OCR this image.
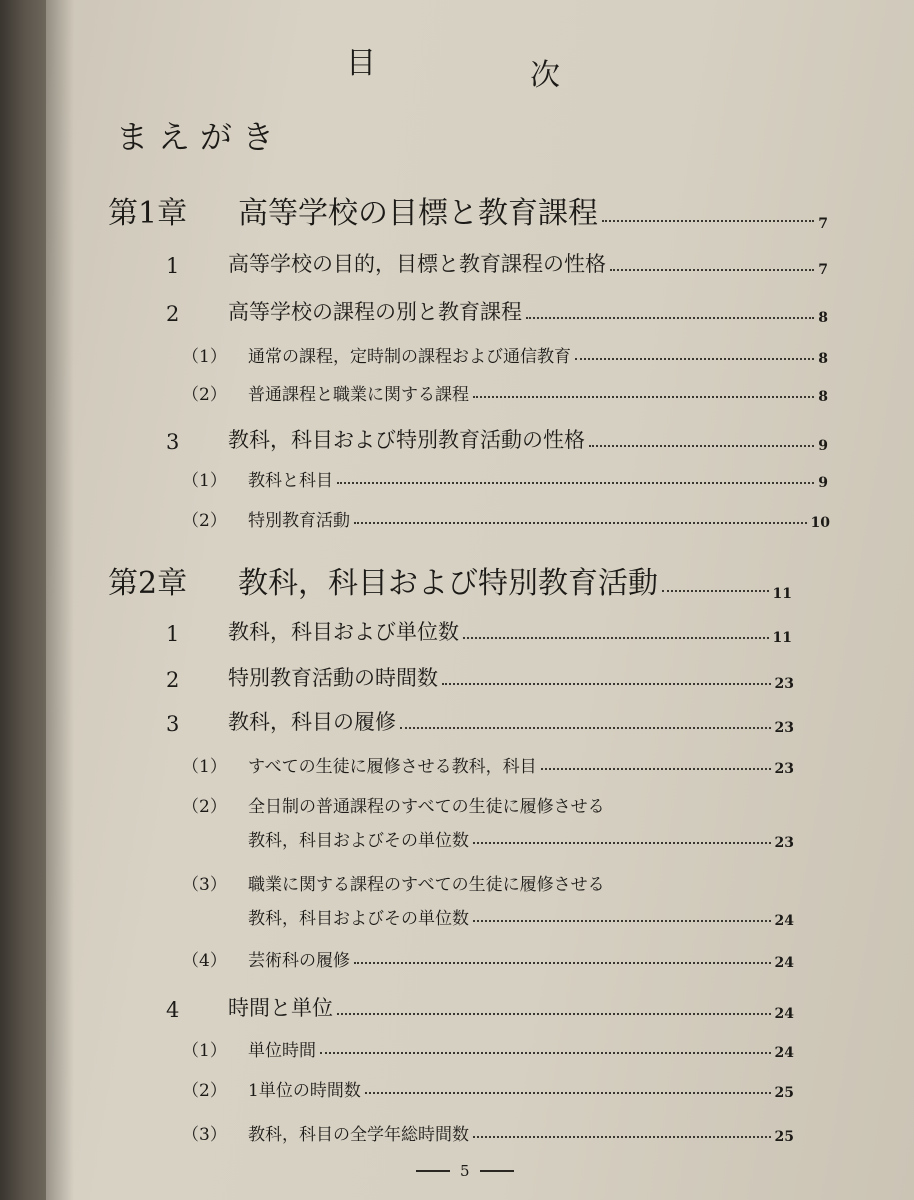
目	次
まえがき
第1章	高等学校の目標と教育課程	7
1	高等学校の目的，目標と教育課程の性格	7
2	高等学校の課程の別と教育課程	8
（1）	通常の課程，定時制の課程および通信教育	8
（2）	普通課程と職業に関する課程	8
3	教科，科目および特別教育活動の性格	9
（1）	教科と科目	9
（2）	特別教育活動	10
第2章	教科，科目および特別教育活動	11
1	教科，科目および単位数	11
2	特別教育活動の時間数	23
3	教科，科目の履修	23
（1）	すべての生徒に履修させる教科，科目	23
（2）	全日制の普通課程のすべての生徒に履修させる
教科，科目およびその単位数	23
（3）	職業に関する課程のすべての生徒に履修させる
教科，科目およびその単位数	24
（4）	芸術科の履修	24
4	時間と単位	24
（1）	単位時間	24
（2）	1単位の時間数	25
（3）	教科，科目の全学年総時間数	25
5
